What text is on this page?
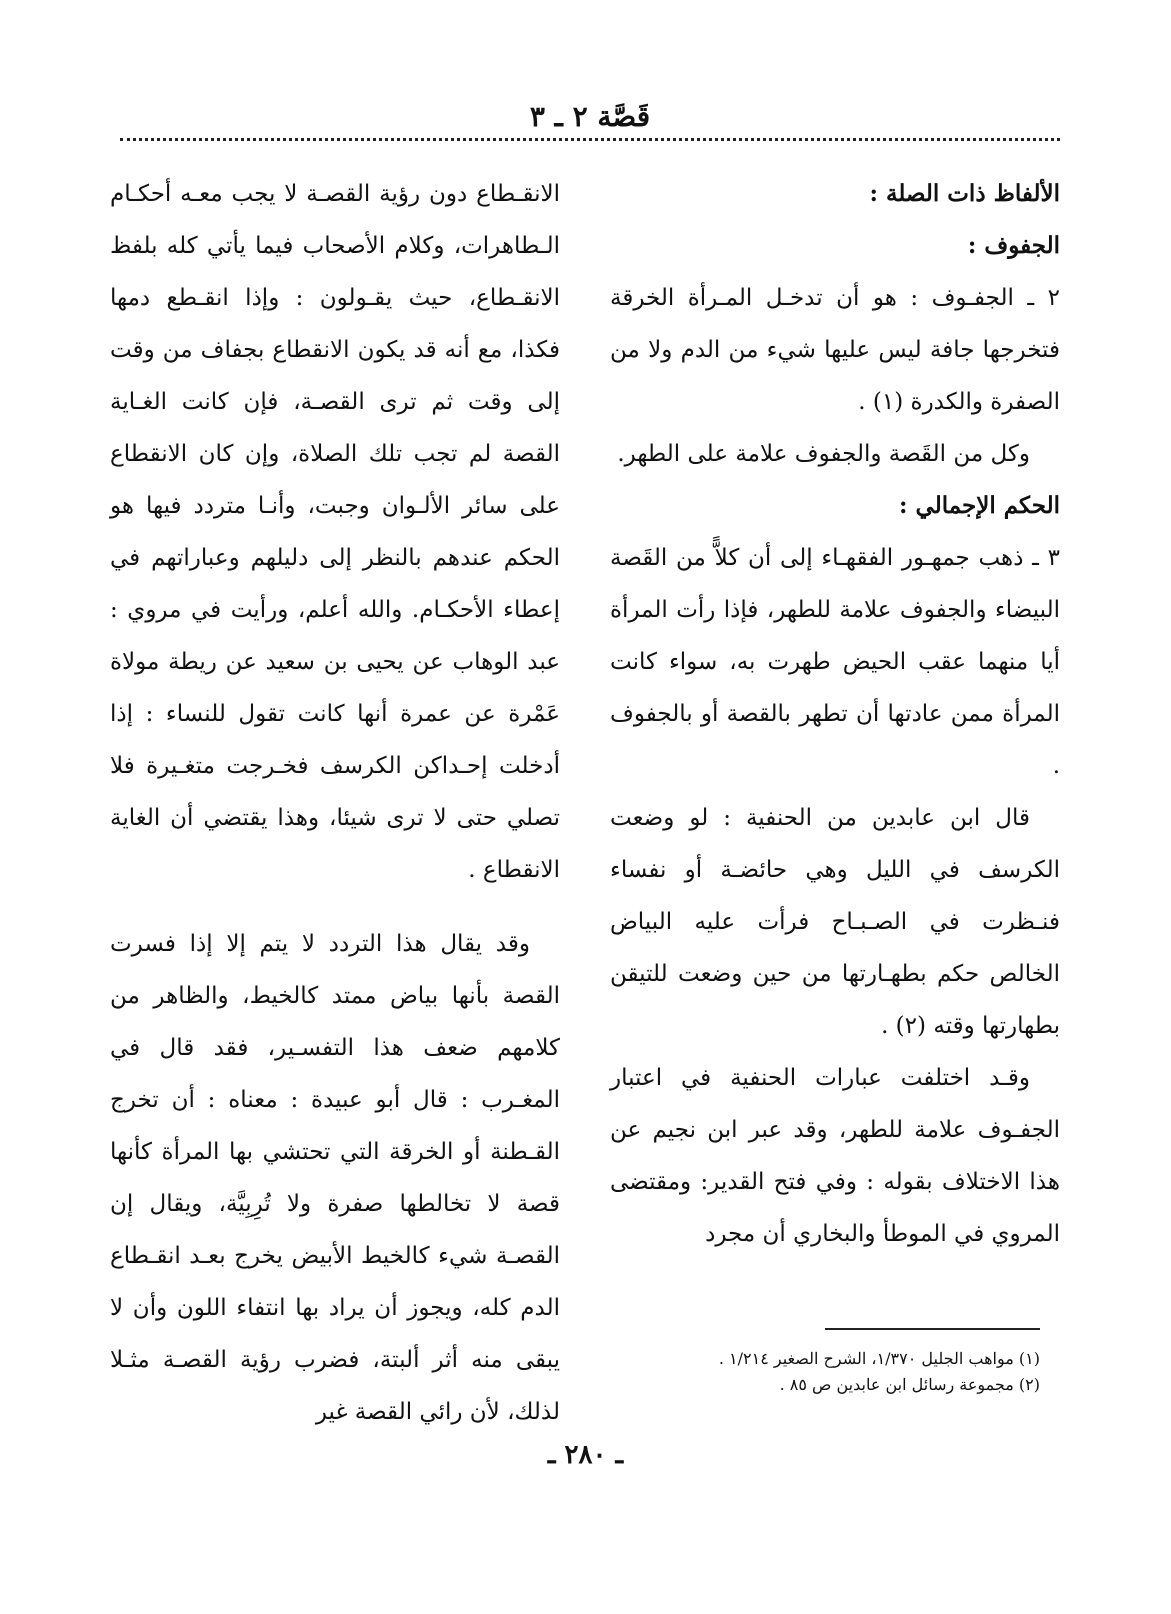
قَصَّة ٢ ـ ٣

الألفاظ ذات الصلة :

الجفوف :

٢ ـ الجفـوف : هو أن تدخـل المـرأة الخرقة فتخرجها جافة ليس عليها شيء من الدم ولا من الصفرة والكدرة (١) .

وكل من القَصة والجفوف علامة على الطهر.

الحكم الإجمالي :

٣ ـ ذهب جمهـور الفقهـاء إلى أن كلاًّ من القَصة البيضاء والجفوف علامة للطهر، فإذا رأت المرأة أيا منهما عقب الحيض طهرت به، سواء كانت المرأة ممن عادتها أن تطهر بالقصة أو بالجفوف .

قال ابن عابدين من الحنفية : لو وضعت الكرسف في الليل وهي حائضـة أو نفساء فنـظرت في الصـبـاح فرأت عليه البياض الخالص حكم بطهـارتها من حين وضعت للتيقن بطهارتها وقته (٢) .

وقـد اختلفت عبارات الحنفية في اعتبار الجفـوف علامة للطهر، وقد عبر ابن نجيم عن هذا الاختلاف بقوله : وفي فتح القدير: ومقتضى المروي في الموطأ والبخاري أن مجرد

الانقـطاع دون رؤية القصـة لا يجب معـه أحكـام الـطاهرات، وكلام الأصحاب فيما يأتي كله بلفظ الانقـطاع، حيث يقـولون : وإذا انقـطع دمها فكذا، مع أنه قد يكون الانقطاع بجفاف من وقت إلى وقت ثم ترى القصـة، فإن كانت الغـاية القصة لم تجب تلك الصلاة، وإن كان الانقطاع على سائر الألـوان وجبت، وأنـا متردد فيها هو الحكم عندهم بالنظر إلى دليلهم وعباراتهم في إعطاء الأحكـام. والله أعلم، ورأيت في مروي : عبد الوهاب عن يحيى بن سعيد عن ريطة مولاة عَمْرة عن عمرة أنها كانت تقول للنساء : إذا أدخلت إحـداكن الكرسف فخـرجت متغـيرة فلا تصلي حتى لا ترى شيئا، وهذا يقتضي أن الغاية الانقطاع .

وقد يقال هذا التردد لا يتم إلا إذا فسرت القصة بأنها بياض ممتد كالخيط، والظاهر من كلامهم ضعف هذا التفسـير، فقد قال في المغـرب : قال أبو عبيدة : معناه : أن تخرج القـطنة أو الخرقة التي تحتشي بها المرأة كأنها قصة لا تخالطها صفرة ولا تُرِبِيَّة، ويقال إن القصـة شيء كالخيط الأبيض يخرج بعـد انقـطاع الدم كله، ويجوز أن يراد بها انتفاء اللون وأن لا يبقى منه أثر ألبتة، فضرب رؤية القصـة مثـلا لذلك، لأن رائي القصة غير

(١) مواهب الجليل ١/٣٧٠، الشرح الصغير ١/٢١٤ .

(٢) مجموعة رسائل ابن عابدين ص ٨٥ .

ـ ٢٨٠ ـ
